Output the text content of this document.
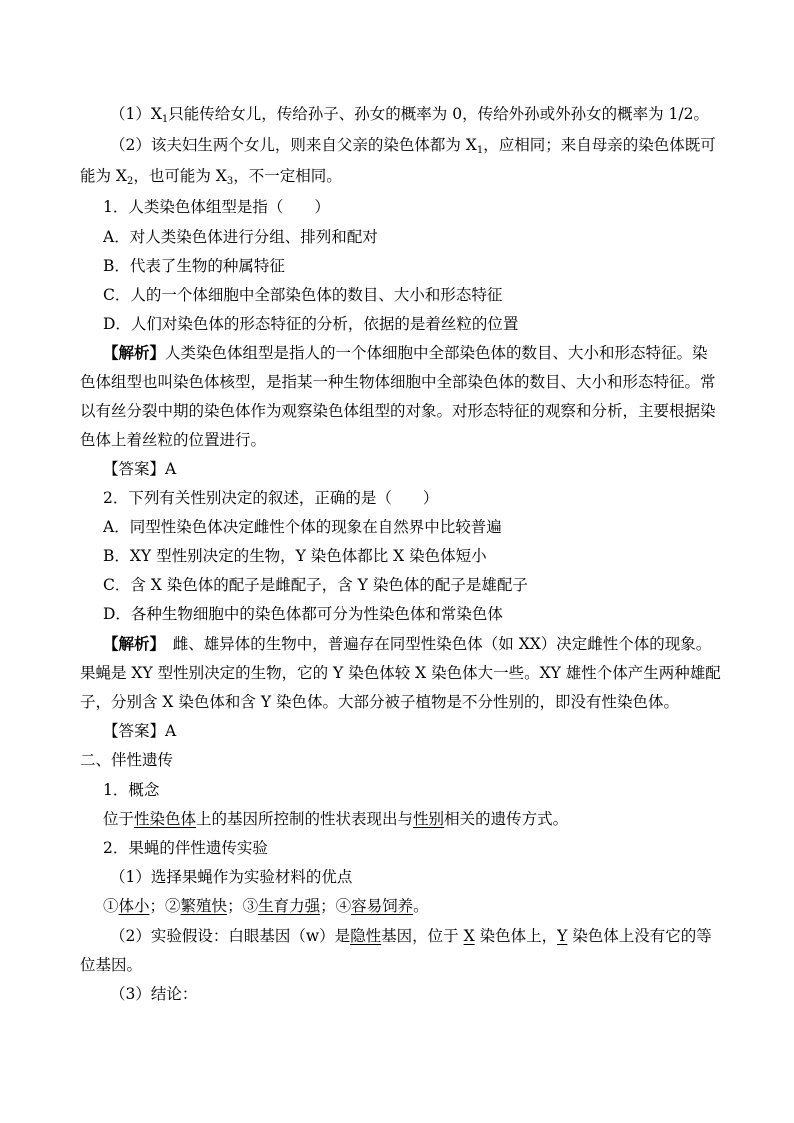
$(1)X_1$只能传给女儿，传给孙子、孙女的概率为 0，传给外孙或外孙女的概率为 1/2。
（2）该夫妇生两个女儿，则来自父亲的染色体都为 $X_1$，应相同；来自母亲的染色体既可
能为 $X_2$，也可能为 $X_3$，不一定相同。
1．人类染色体组型是指（　　）
A．对人类染色体进行分组、排列和配对
B．代表了生物的种属特征
C．人的一个体细胞中全部染色体的数目、大小和形态特征
D．人们对染色体的形态特征的分析，依据的是着丝粒的位置
【解析】人类染色体组型是指人的一个体细胞中全部染色体的数目、大小和形态特征。染
色体组型也叫染色体核型，是指某一种生物体细胞中全部染色体的数目、大小和形态特征。常
以有丝分裂中期的染色体作为观察染色体组型的对象。对形态特征的观察和分析，主要根据染
色体上着丝粒的位置进行。
【答案】A
2．下列有关性别决定的叙述，正确的是（　　）
A．同型性染色体决定雌性个体的现象在自然界中比较普遍
B．XY 型性别决定的生物，Y 染色体都比 X 染色体短小
C．含 X 染色体的配子是雌配子，含 Y 染色体的配子是雄配子
D．各种生物细胞中的染色体都可分为性染色体和常染色体
【解析】　雌、雄异体的生物中，普遍存在同型性染色体（如 XX）决定雌性个体的现象。
果蝇是 XY 型性别决定的生物，它的 Y 染色体较 X 染色体大一些。XY 雄性个体产生两种雄配
子，分别含 X 染色体和含 Y 染色体。大部分被子植物是不分性别的，即没有性染色体。
【答案】A
二、伴性遗传
1．概念
位于性染色体上的基因所控制的性状表现出与性别相关的遗传方式。
2．果蝇的伴性遗传实验
（1）选择果蝇作为实验材料的优点
①体小；②繁殖快；③生育力强；④容易饲养。
（2）实验假设：白眼基因（w）是隐性基因，位于 X 染色体上，Y 染色体上没有它的等
位基因。
（3）结论：
